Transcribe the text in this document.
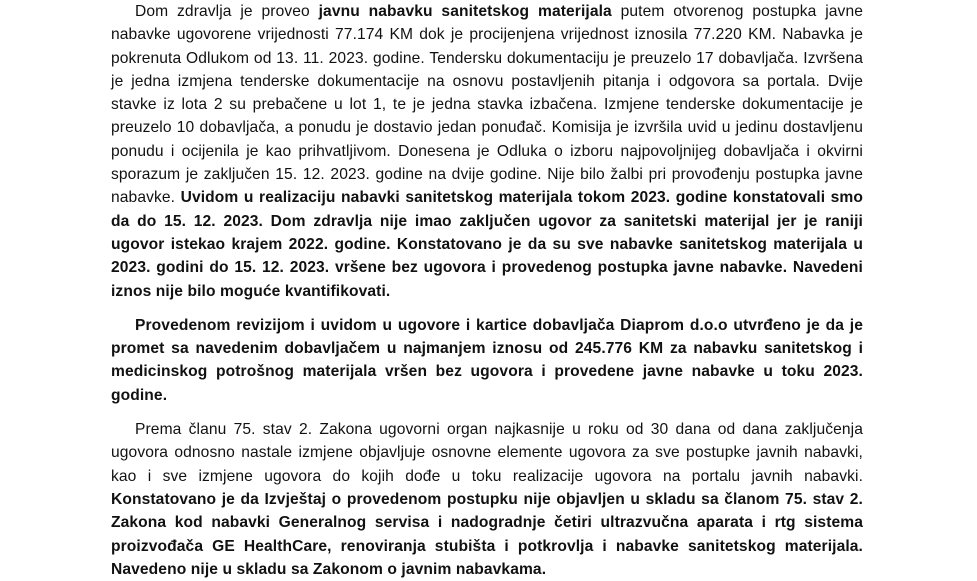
Dom zdravlja je proveo javnu nabavku sanitetskog materijala putem otvorenog postupka javne nabavke ugovorene vrijednosti 77.174 KM dok je procijenjena vrijednost iznosila 77.220 KM. Nabavka je pokrenuta Odlukom od 13. 11. 2023. godine. Tendersku dokumentaciju je preuzelo 17 dobavljača. Izvršena je jedna izmjena tenderske dokumentacije na osnovu postavljenih pitanja i odgovora sa portala. Dvije stavke iz lota 2 su prebačene u lot 1, te je jedna stavka izbačena. Izmjene tenderske dokumentacije je preuzelo 10 dobavljača, a ponudu je dostavio jedan ponuđač. Komisija je izvršila uvid u jedinu dostavljenu ponudu i ocijenila je kao prihvatljivom. Donesena je Odluka o izboru najpovoljnijeg dobavljača i okvirni sporazum je zaključen 15. 12. 2023. godine na dvije godine. Nije bilo žalbi pri provođenju postupka javne nabavke. Uvidom u realizaciju nabavki sanitetskog materijala tokom 2023. godine konstatovali smo da do 15. 12. 2023. Dom zdravlja nije imao zaključen ugovor za sanitetski materijal jer je raniji ugovor istekao krajem 2022. godine. Konstatovano je da su sve nabavke sanitetskog materijala u 2023. godini do 15. 12. 2023. vršene bez ugovora i provedenog postupka javne nabavke. Navedeni iznos nije bilo moguće kvantifikovati.

Provedenom revizijom i uvidom u ugovore i kartice dobavljača Diaprom d.o.o utvrđeno je da je promet sa navedenim dobavljačem u najmanjem iznosu od 245.776 KM za nabavku sanitetskog i medicinskog potrošnog materijala vršen bez ugovora i provedene javne nabavke u toku 2023. godine.

Prema članu 75. stav 2. Zakona ugovorni organ najkasnije u roku od 30 dana od dana zaključenja ugovora odnosno nastale izmjene objavljuje osnovne elemente ugovora za sve postupke javnih nabavki, kao i sve izmjene ugovora do kojih dođe u toku realizacije ugovora na portalu javnih nabavki. Konstatovano je da Izvještaj o provedenom postupku nije objavljen u skladu sa članom 75. stav 2. Zakona kod nabavki Generalnog servisa i nadogradnje četiri ultrazvučna aparata i rtg sistema proizvođača GE HealthCare, renoviranja stubišta i potkrovlja i nabavke sanitetskog materijala. Navedeno nije u skladu sa Zakonom o javnim nabavkama.
